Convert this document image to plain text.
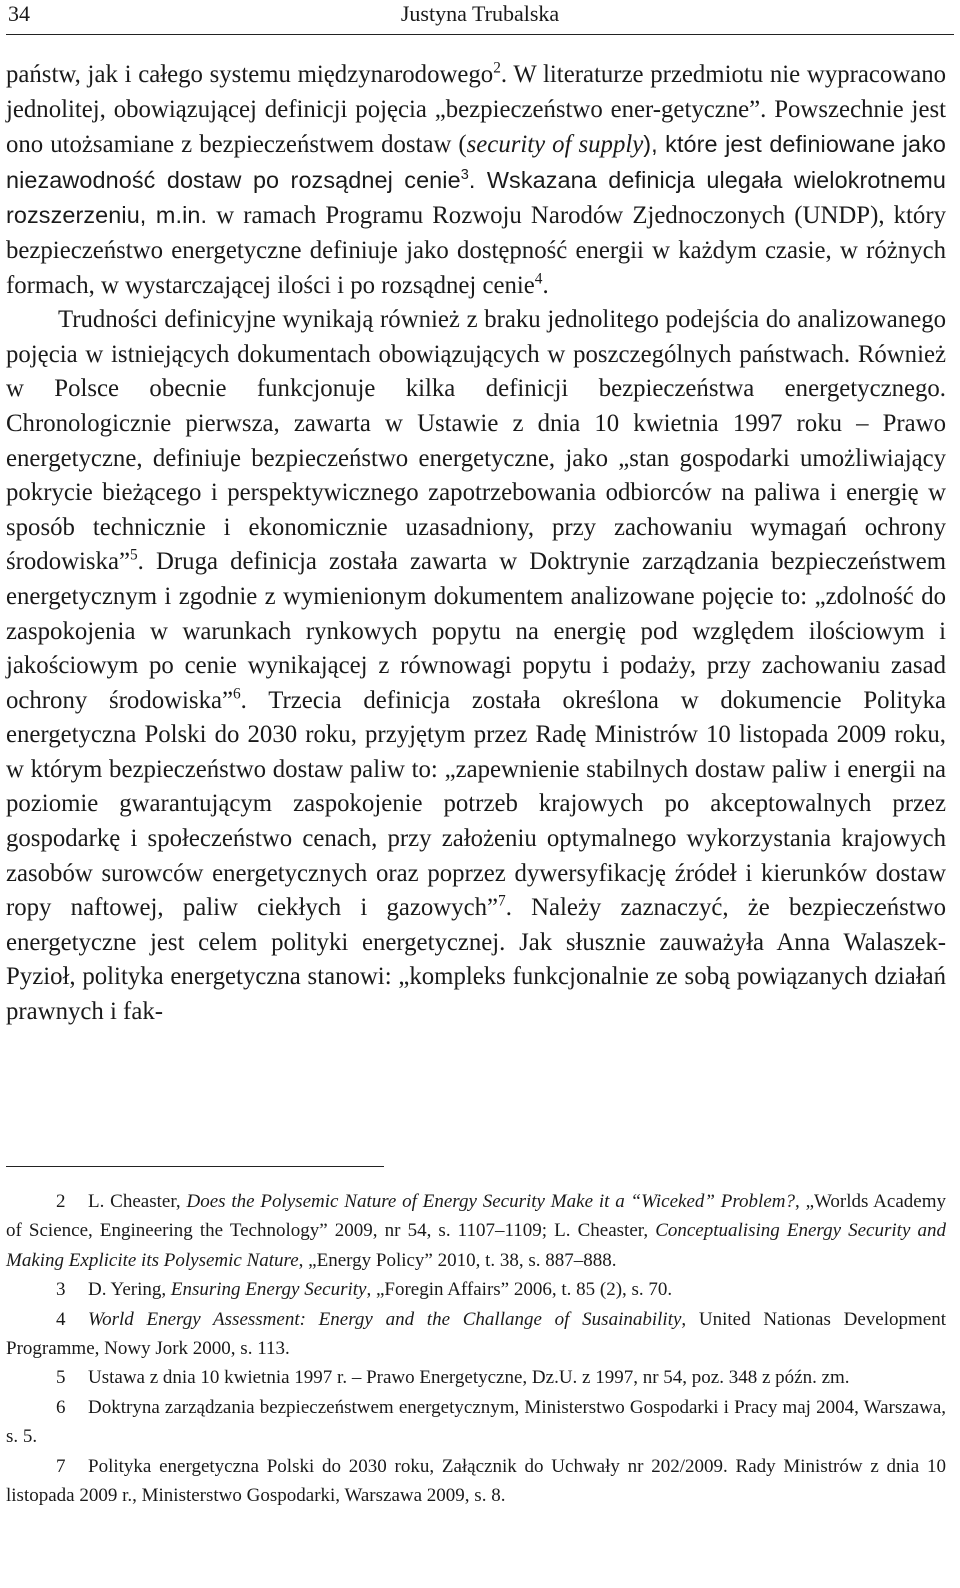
34	Justyna Trubalska

państw, jak i całego systemu międzynarodowego$^2$. W literaturze przedmiotu nie wypracowano jednolitej, obowiązującej definicji pojęcia „bezpieczeństwo ener-getyczne”. Powszechnie jest ono utożsamiane z bezpieczeństwem dostaw (security of supply), które jest definiowane jako niezawodność dostaw po rozsądnej cenie$^3$. Wskazana definicja ulegała wielokrotnemu rozszerzeniu, m.in. w ramach Programu Rozwoju Narodów Zjednoczonych (UNDP), który bezpieczeństwo energetyczne definiuje jako dostępność energii w każdym czasie, w różnych formach, w wystarczającej ilości i po rozsądnej cenie$^4$.

Trudności definicyjne wynikają również z braku jednolitego podejścia do analizowanego pojęcia w istniejących dokumentach obowiązujących w poszczególnych państwach. Również w Polsce obecnie funkcjonuje kilka definicji bezpieczeństwa energetycznego. Chronologicznie pierwsza, zawarta w Ustawie z dnia 10 kwietnia 1997 roku – Prawo energetyczne, definiuje bezpieczeństwo energetyczne, jako „stan gospodarki umożliwiający pokrycie bieżącego i perspektywicznego zapotrzebowania odbiorców na paliwa i energię w sposób technicznie i ekonomicznie uzasadniony, przy zachowaniu wymagań ochrony środowiska”$^5$. Druga definicja została zawarta w Doktrynie zarządzania bezpieczeństwem energetycznym i zgodnie z wymienionym dokumentem analizowane pojęcie to: „zdolność do zaspokojenia w warunkach rynkowych popytu na energię pod względem ilościowym i jakościowym po cenie wynikającej z równowagi popytu i podaży, przy zachowaniu zasad ochrony środowiska”$^6$. Trzecia definicja została określona w dokumencie Polityka energetyczna Polski do 2030 roku, przyjętym przez Radę Ministrów 10 listopada 2009 roku, w którym bezpieczeństwo dostaw paliw to: „zapewnienie stabilnych dostaw paliw i energii na poziomie gwarantującym zaspokojenie potrzeb krajowych po akceptowalnych przez gospodarkę i społeczeństwo cenach, przy założeniu optymalnego wykorzystania krajowych zasobów surowców energetycznych oraz poprzez dywersyfikację źródeł i kierunków dostaw ropy naftowej, paliw ciekłych i gazowych”$^7$. Należy zaznaczyć, że bezpieczeństwo energetyczne jest celem polityki energetycznej. Jak słusznie zauważyła Anna Walaszek-Pyzioł, polityka energetyczna stanowi: „kompleks funkcjonalnie ze sobą powiązanych działań prawnych i fak-

2 L. Cheaster, Does the Polysemic Nature of Energy Security Make it a “Wiceked” Problem?, „Worlds Academy of Science, Engineering the Technology” 2009, nr 54, s. 1107–1109; L. Cheaster, Conceptualising Energy Security and Making Explicite its Polysemic Nature, „Energy Policy” 2010, t. 38, s. 887–888.

3 D. Yering, Ensuring Energy Security, „Foregin Affairs” 2006, t. 85 (2), s. 70.

4 World Energy Assessment: Energy and the Challange of Susainability, United Nationas Development Programme, Nowy Jork 2000, s. 113.

5 Ustawa z dnia 10 kwietnia 1997 r. – Prawo Energetyczne, Dz.U. z 1997, nr 54, poz. 348 z późn. zm.

6 Doktryna zarządzania bezpieczeństwem energetycznym, Ministerstwo Gospodarki i Pracy maj 2004, Warszawa, s. 5.

7 Polityka energetyczna Polski do 2030 roku, Załącznik do Uchwały nr 202/2009. Rady Ministrów z dnia 10 listopada 2009 r., Ministerstwo Gospodarki, Warszawa 2009, s. 8.
